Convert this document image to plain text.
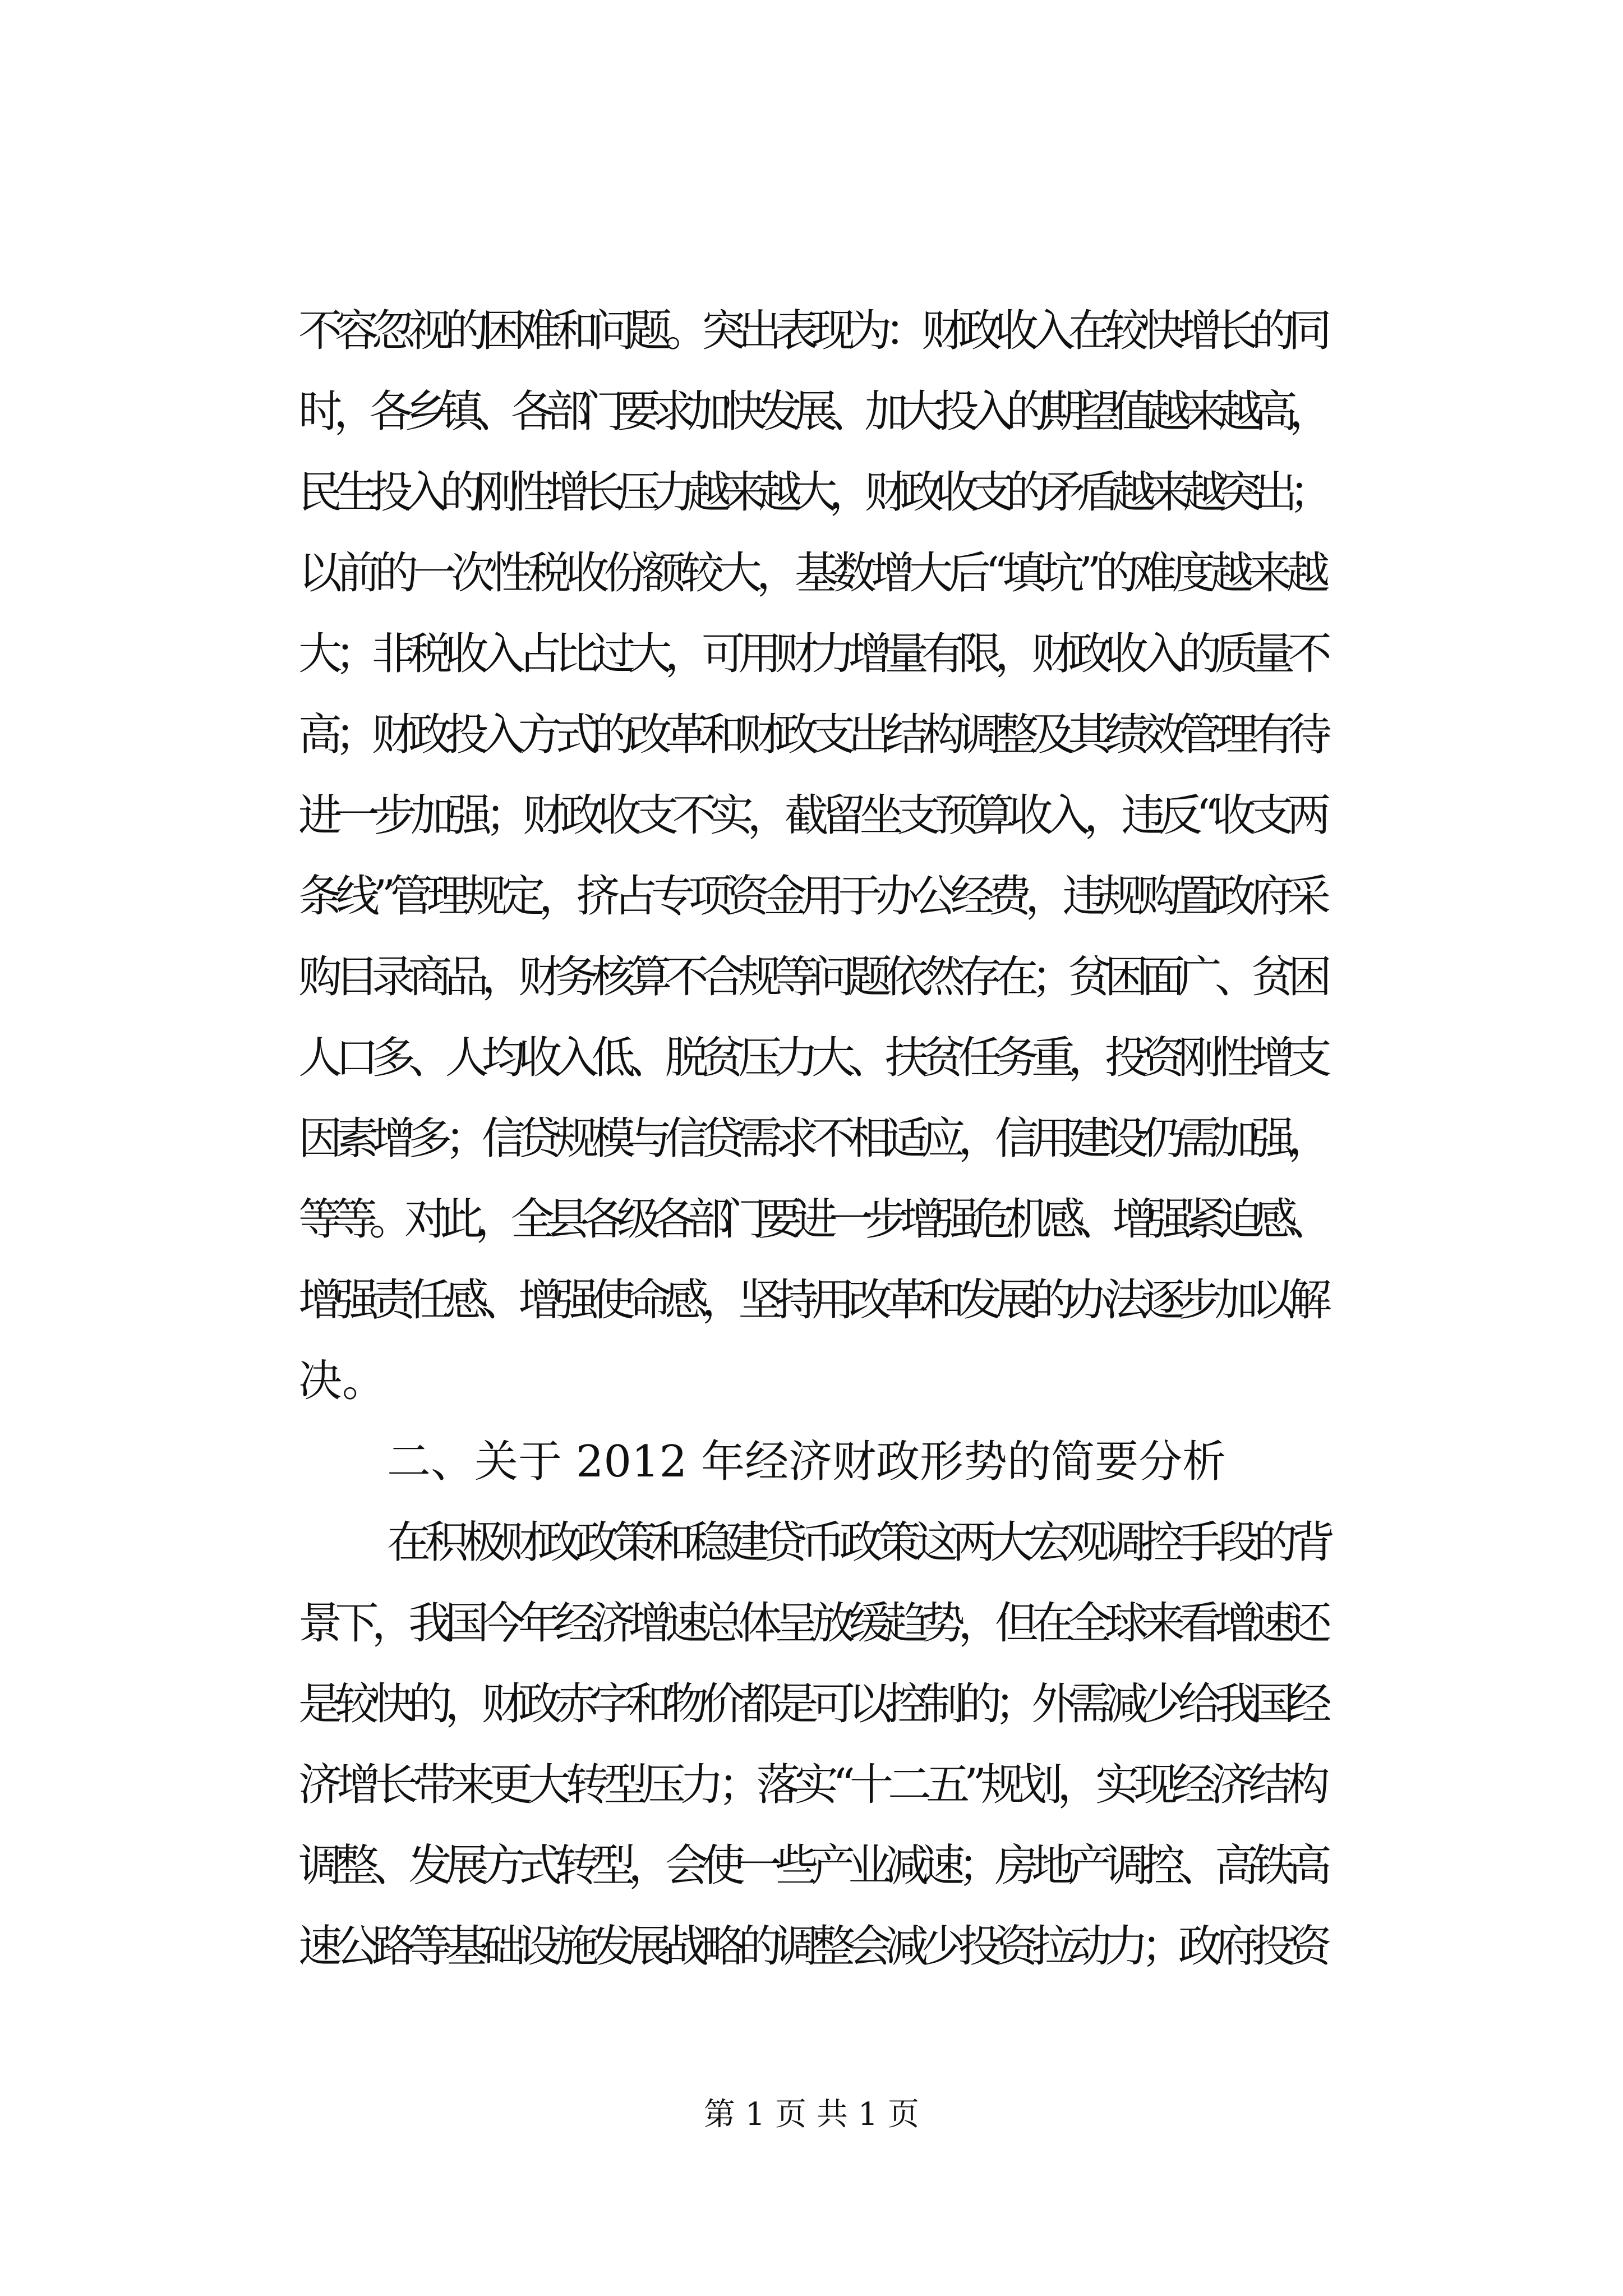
不容忽视的困难和问题。突出表现为：财政收入在较快增长的同
时，各乡镇、各部门要求加快发展、加大投入的期望值越来越高，
民生投入的刚性增长压力越来越大，财政收支的矛盾越来越突出；
以前的一次性税收份额较大，基数增大后“填坑”的难度越来越
大；非税收入占比过大，可用财力增量有限，财政收入的质量不
高；财政投入方式的改革和财政支出结构调整及其绩效管理有待
进一步加强；财政收支不实，截留坐支预算收入，违反“收支两
条线”管理规定，挤占专项资金用于办公经费，违规购置政府采
购目录商品，财务核算不合规等问题依然存在；贫困面广、贫困
人口多、人均收入低、脱贫压力大、扶贫任务重，投资刚性增支
因素增多；信贷规模与信贷需求不相适应，信用建设仍需加强，
等等。对此，全县各级各部门要进一步增强危机感、增强紧迫感、
增强责任感、增强使命感，坚持用改革和发展的办法逐步加以解
决。
二、关于 2012 年经济财政形势的简要分析
在积极财政政策和稳建贷币政策这两大宏观调控手段的背
景下，我国今年经济增速总体呈放缓趋势，但在全球来看增速还
是较快的，财政赤字和物价都是可以控制的；外需减少给我国经
济增长带来更大转型压力；落实“十二五”规划，实现经济结构
调整、发展方式转型，会使一些产业减速；房地产调控、高铁高
速公路等基础设施发展战略的调整会减少投资拉动力；政府投资
第 1 页 共 1 页
